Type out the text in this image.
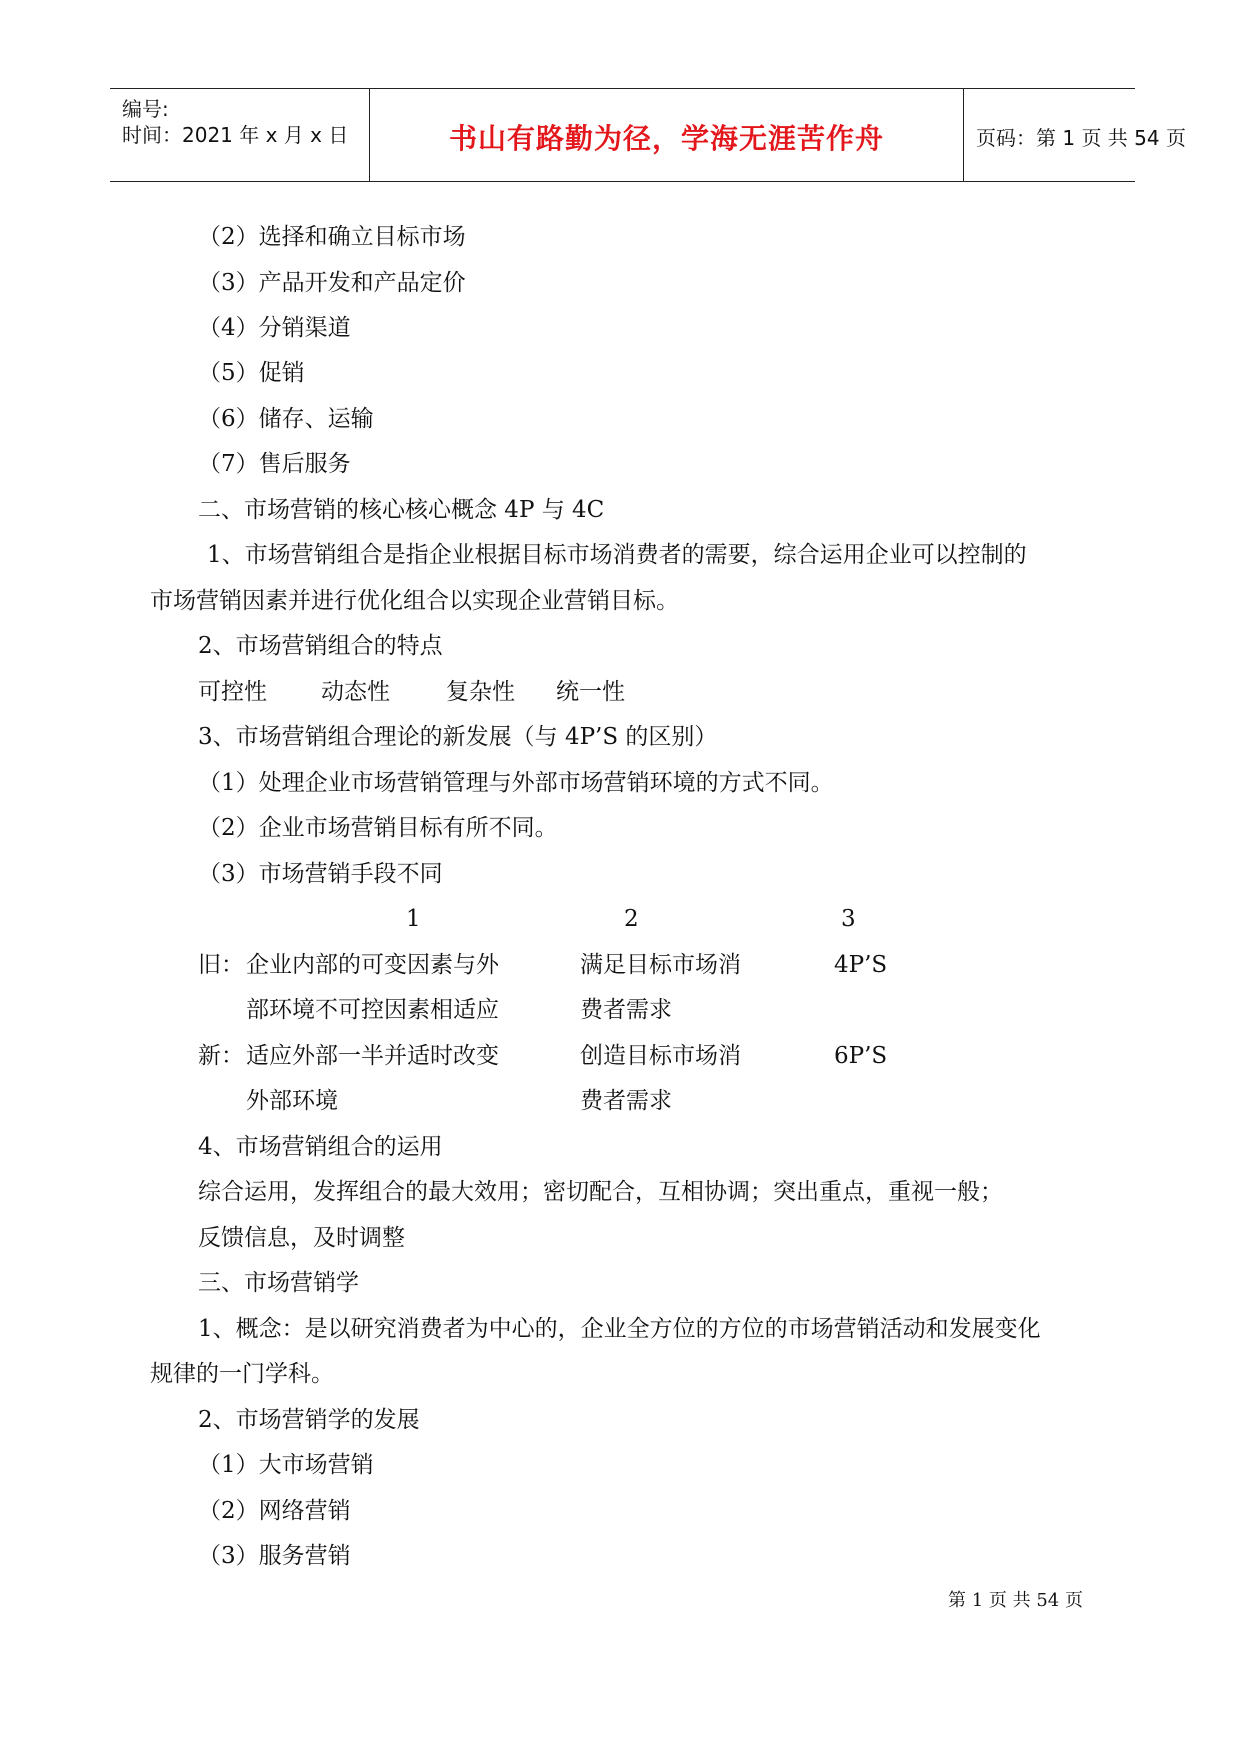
编号:
时间：2021 年 x 月 x 日	书山有路勤为径，学海无涯苦作舟	页码：第 1 页 共 54 页
（2）选择和确立目标市场
（3）产品开发和产品定价
（4）分销渠道
（5）促销
（6）储存、运输
（7）售后服务
二、市场营销的核心核心概念 4P 与 4C
1、市场营销组合是指企业根据目标市场消费者的需要，综合运用企业可以控制的
市场营销因素并进行优化组合以实现企业营销目标。
2、市场营销组合的特点
可控性 动态性 复杂性 统一性
3、市场营销组合理论的新发展（与 4P’S 的区别）
（1）处理企业市场营销管理与外部市场营销环境的方式不同。
（2）企业市场营销目标有所不同。
（3）市场营销手段不同
1	2	3
旧： 企业内部的可变因素与外	满足目标市场消	4P’S
部环境不可控因素相适应	费者需求
新： 适应外部一半并适时改变	创造目标市场消	6P’S
外部环境	费者需求
4、市场营销组合的运用
综合运用，发挥组合的最大效用；密切配合，互相协调；突出重点，重视一般；
反馈信息，及时调整
三、市场营销学
1、概念：是以研究消费者为中心的，企业全方位的方位的市场营销活动和发展变化
规律的一门学科。
2、市场营销学的发展
（1）大市场营销
（2）网络营销
（3）服务营销
第 1 页 共 54 页
